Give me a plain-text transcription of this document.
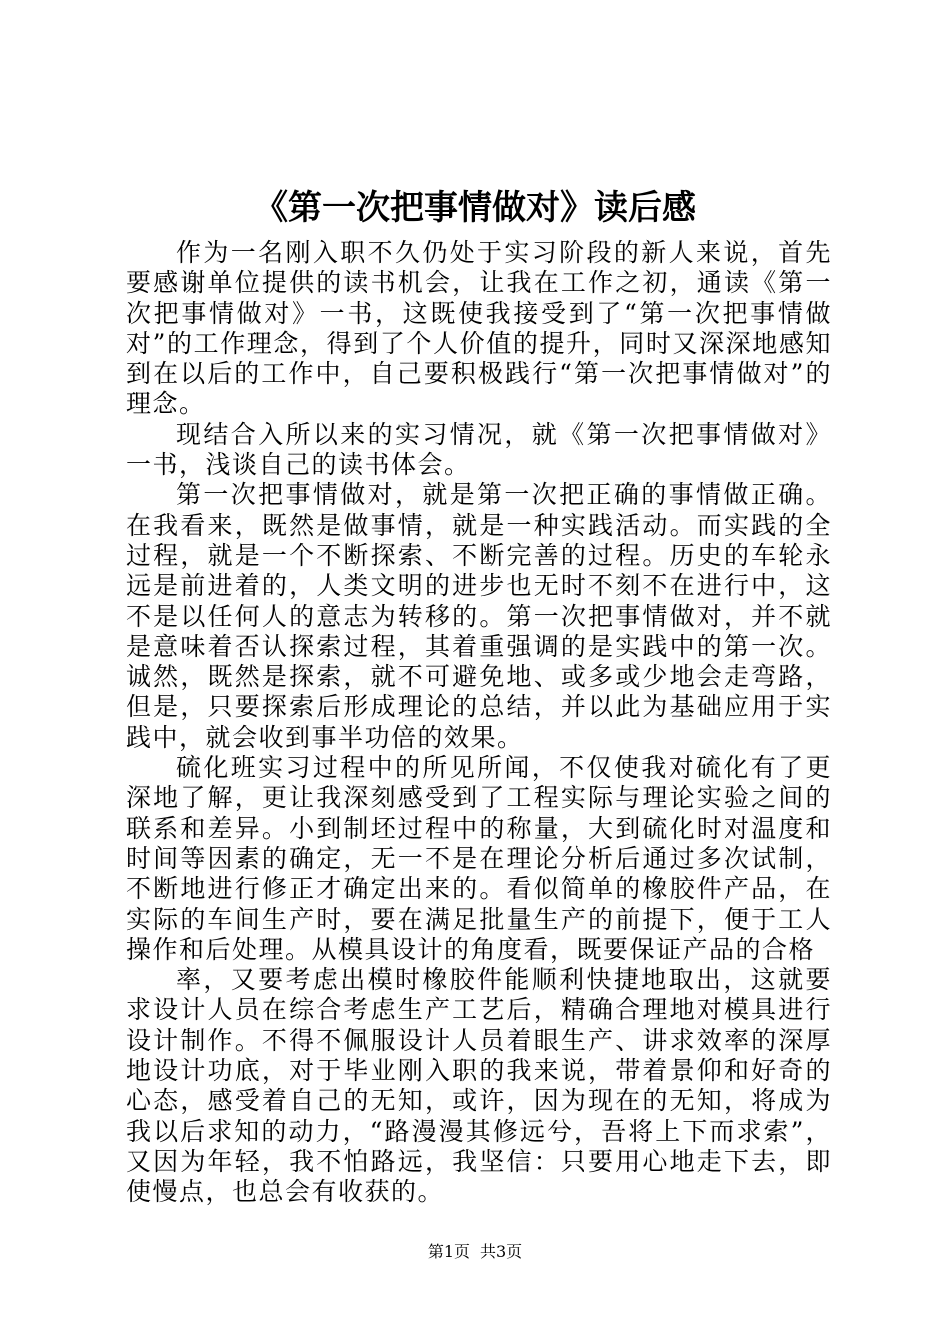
《第一次把事情做对》读后感

作为一名刚入职不久仍处于实习阶段的新人来说，首先要感谢单位提供的读书机会，让我在工作之初，通读《第一次把事情做对》一书，这既使我接受到了“第一次把事情做对”的工作理念，得到了个人价值的提升，同时又深深地感知到在以后的工作中，自己要积极践行“第一次把事情做对”的理念。

现结合入所以来的实习情况，就《第一次把事情做对》一书，浅谈自己的读书体会。

第一次把事情做对，就是第一次把正确的事情做正确。在我看来，既然是做事情，就是一种实践活动。而实践的全过程，就是一个不断探索、不断完善的过程。历史的车轮永远是前进着的，人类文明的进步也无时不刻不在进行中，这不是以任何人的意志为转移的。第一次把事情做对，并不就是意味着否认探索过程，其着重强调的是实践中的第一次。诚然，既然是探索，就不可避免地、或多或少地会走弯路，但是，只要探索后形成理论的总结，并以此为基础应用于实践中，就会收到事半功倍的效果。

硫化班实习过程中的所见所闻，不仅使我对硫化有了更深地了解，更让我深刻感受到了工程实际与理论实验之间的联系和差异。小到制坯过程中的称量，大到硫化时对温度和时间等因素的确定，无一不是在理论分析后通过多次试制，不断地进行修正才确定出来的。看似简单的橡胶件产品，在实际的车间生产时，要在满足批量生产的前提下，便于工人操作和后处理。从模具设计的角度看，既要保证产品的合格

率，又要考虑出模时橡胶件能顺利快捷地取出，这就要求设计人员在综合考虑生产工艺后，精确合理地对模具进行设计制作。不得不佩服设计人员着眼生产、讲求效率的深厚地设计功底，对于毕业刚入职的我来说，带着景仰和好奇的心态，感受着自己的无知，或许，因为现在的无知，将成为我以后求知的动力，“路漫漫其修远兮，吾将上下而求索”，又因为年轻，我不怕路远，我坚信：只要用心地走下去，即使慢点，也总会有收获的。

第1页 共3页
